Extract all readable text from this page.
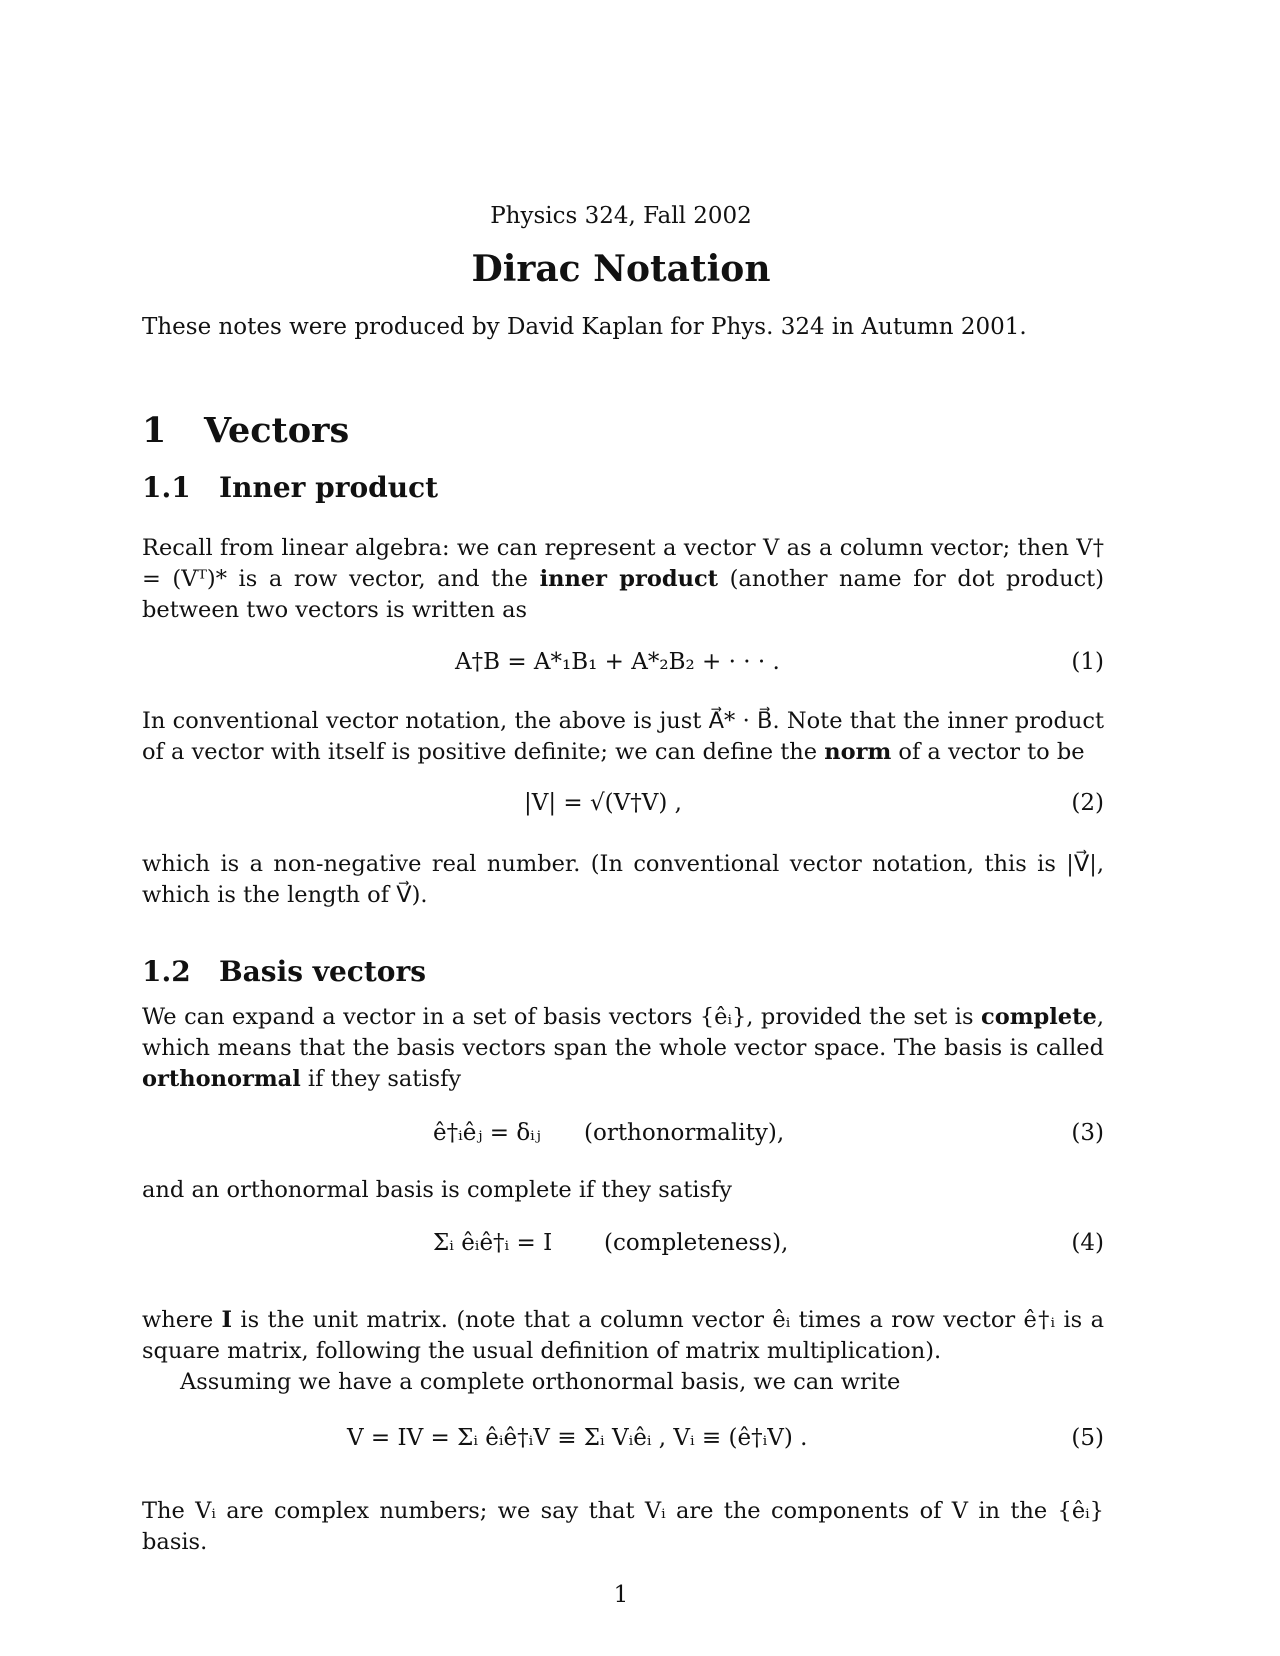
Physics 324, Fall 2002
Dirac Notation
These notes were produced by David Kaplan for Phys. 324 in Autumn 2001.
1 Vectors
1.1 Inner product
Recall from linear algebra: we can represent a vector V as a column vector; then V† = (Vᵀ)* is a row vector, and the inner product (another name for dot product) between two vectors is written as
A†B = A*₁B₁ + A*₂B₂ + · · · .	(1)
In conventional vector notation, the above is just A⃗* · B⃗. Note that the inner product of a vector with itself is positive definite; we can define the norm of a vector to be
|V| = √(V†V) ,	(2)
which is a non-negative real number. (In conventional vector notation, this is |V⃗|, which is the length of V⃗).
1.2 Basis vectors
We can expand a vector in a set of basis vectors {êᵢ}, provided the set is complete, which means that the basis vectors span the whole vector space. The basis is called orthonormal if they satisfy
ê†ᵢêⱼ = δᵢⱼ (orthonormality),	(3)
and an orthonormal basis is complete if they satisfy
Σᵢ êᵢê†ᵢ = I (completeness),	(4)
where I is the unit matrix. (note that a column vector êᵢ times a row vector ê†ᵢ is a square matrix, following the usual definition of matrix multiplication).
Assuming we have a complete orthonormal basis, we can write
V = IV = Σᵢ êᵢê†ᵢV ≡ Σᵢ Vᵢêᵢ , Vᵢ ≡ (ê†ᵢV) .	(5)
The Vᵢ are complex numbers; we say that Vᵢ are the components of V in the {êᵢ} basis.
1
